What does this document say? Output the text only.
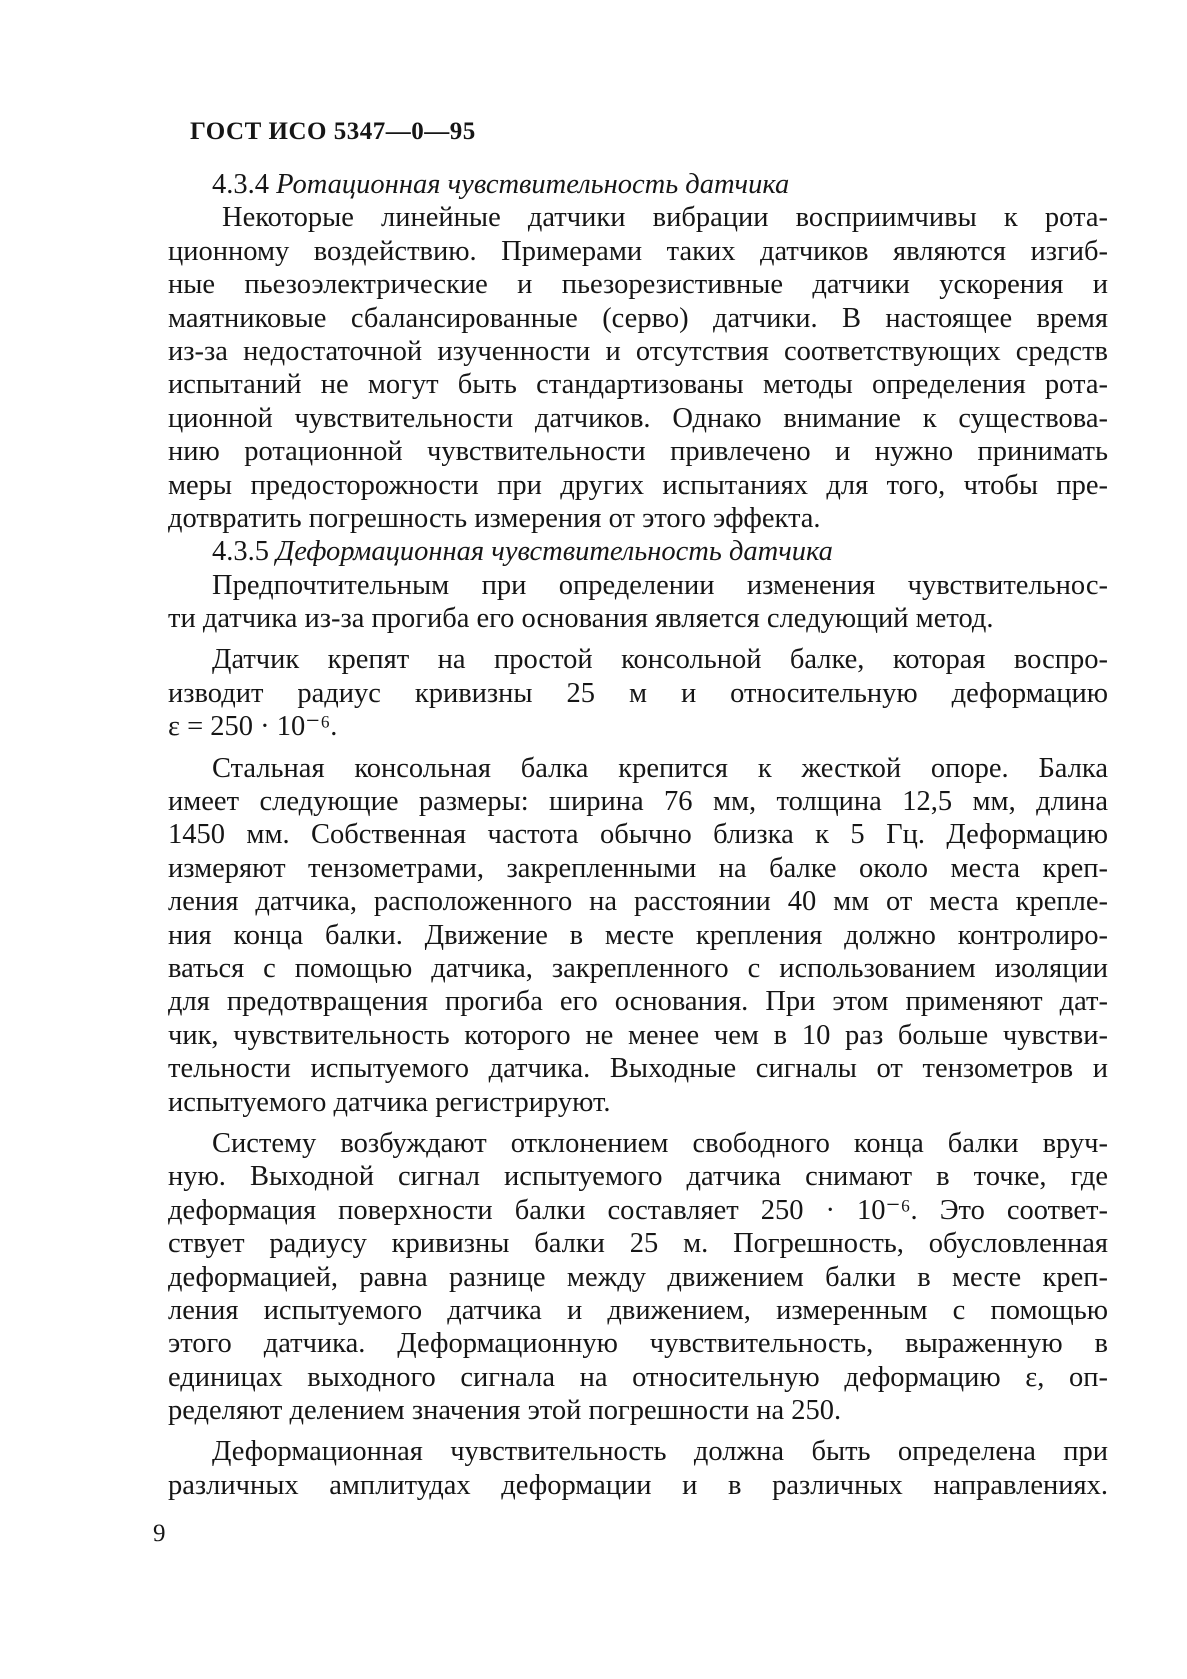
ГОСТ ИСО 5347—0—95
4.3.4 Ротационная чувствительность датчика
Некоторые линейные датчики вибрации восприимчивы к рота-
ционному воздействию. Примерами таких датчиков являются изгиб-
ные пьезоэлектрические и пьезорезистивные датчики ускорения и
маятниковые сбалансированные (серво) датчики. В настоящее время
из-за недостаточной изученности и отсутствия соответствующих средств
испытаний не могут быть стандартизованы методы определения рота-
ционной чувствительности датчиков. Однако внимание к существова-
нию ротационной чувствительности привлечено и нужно принимать
меры предосторожности при других испытаниях для того, чтобы пре-
дотвратить погрешность измерения от этого эффекта.
4.3.5 Деформационная чувствительность датчика
Предпочтительным при определении изменения чувствительнос-
ти датчика из-за прогиба его основания является следующий метод.
Датчик крепят на простой консольной балке, которая воспро-
изводит радиус кривизны 25 м и относительную деформацию
ε = 250 · 10⁻⁶.
Стальная консольная балка крепится к жесткой опоре. Балка
имеет следующие размеры: ширина 76 мм, толщина 12,5 мм, длина
1450 мм. Собственная частота обычно близка к 5 Гц. Деформацию
измеряют тензометрами, закрепленными на балке около места креп-
ления датчика, расположенного на расстоянии 40 мм от места крепле-
ния конца балки. Движение в месте крепления должно контролиро-
ваться с помощью датчика, закрепленного с использованием изоляции
для предотвращения прогиба его основания. При этом применяют дат-
чик, чувствительность которого не менее чем в 10 раз больше чувстви-
тельности испытуемого датчика. Выходные сигналы от тензометров и
испытуемого датчика регистрируют.
Систему возбуждают отклонением свободного конца балки вруч-
ную. Выходной сигнал испытуемого датчика снимают в точке, где
деформация поверхности балки составляет 250 · 10⁻⁶. Это соответ-
ствует радиусу кривизны балки 25 м. Погрешность, обусловленная
деформацией, равна разнице между движением балки в месте креп-
ления испытуемого датчика и движением, измеренным с помощью
этого датчика. Деформационную чувствительность, выраженную в
единицах выходного сигнала на относительную деформацию ε, оп-
ределяют делением значения этой погрешности на 250.
Деформационная чувствительность должна быть определена при
различных амплитудах деформации и в различных направлениях.
9
